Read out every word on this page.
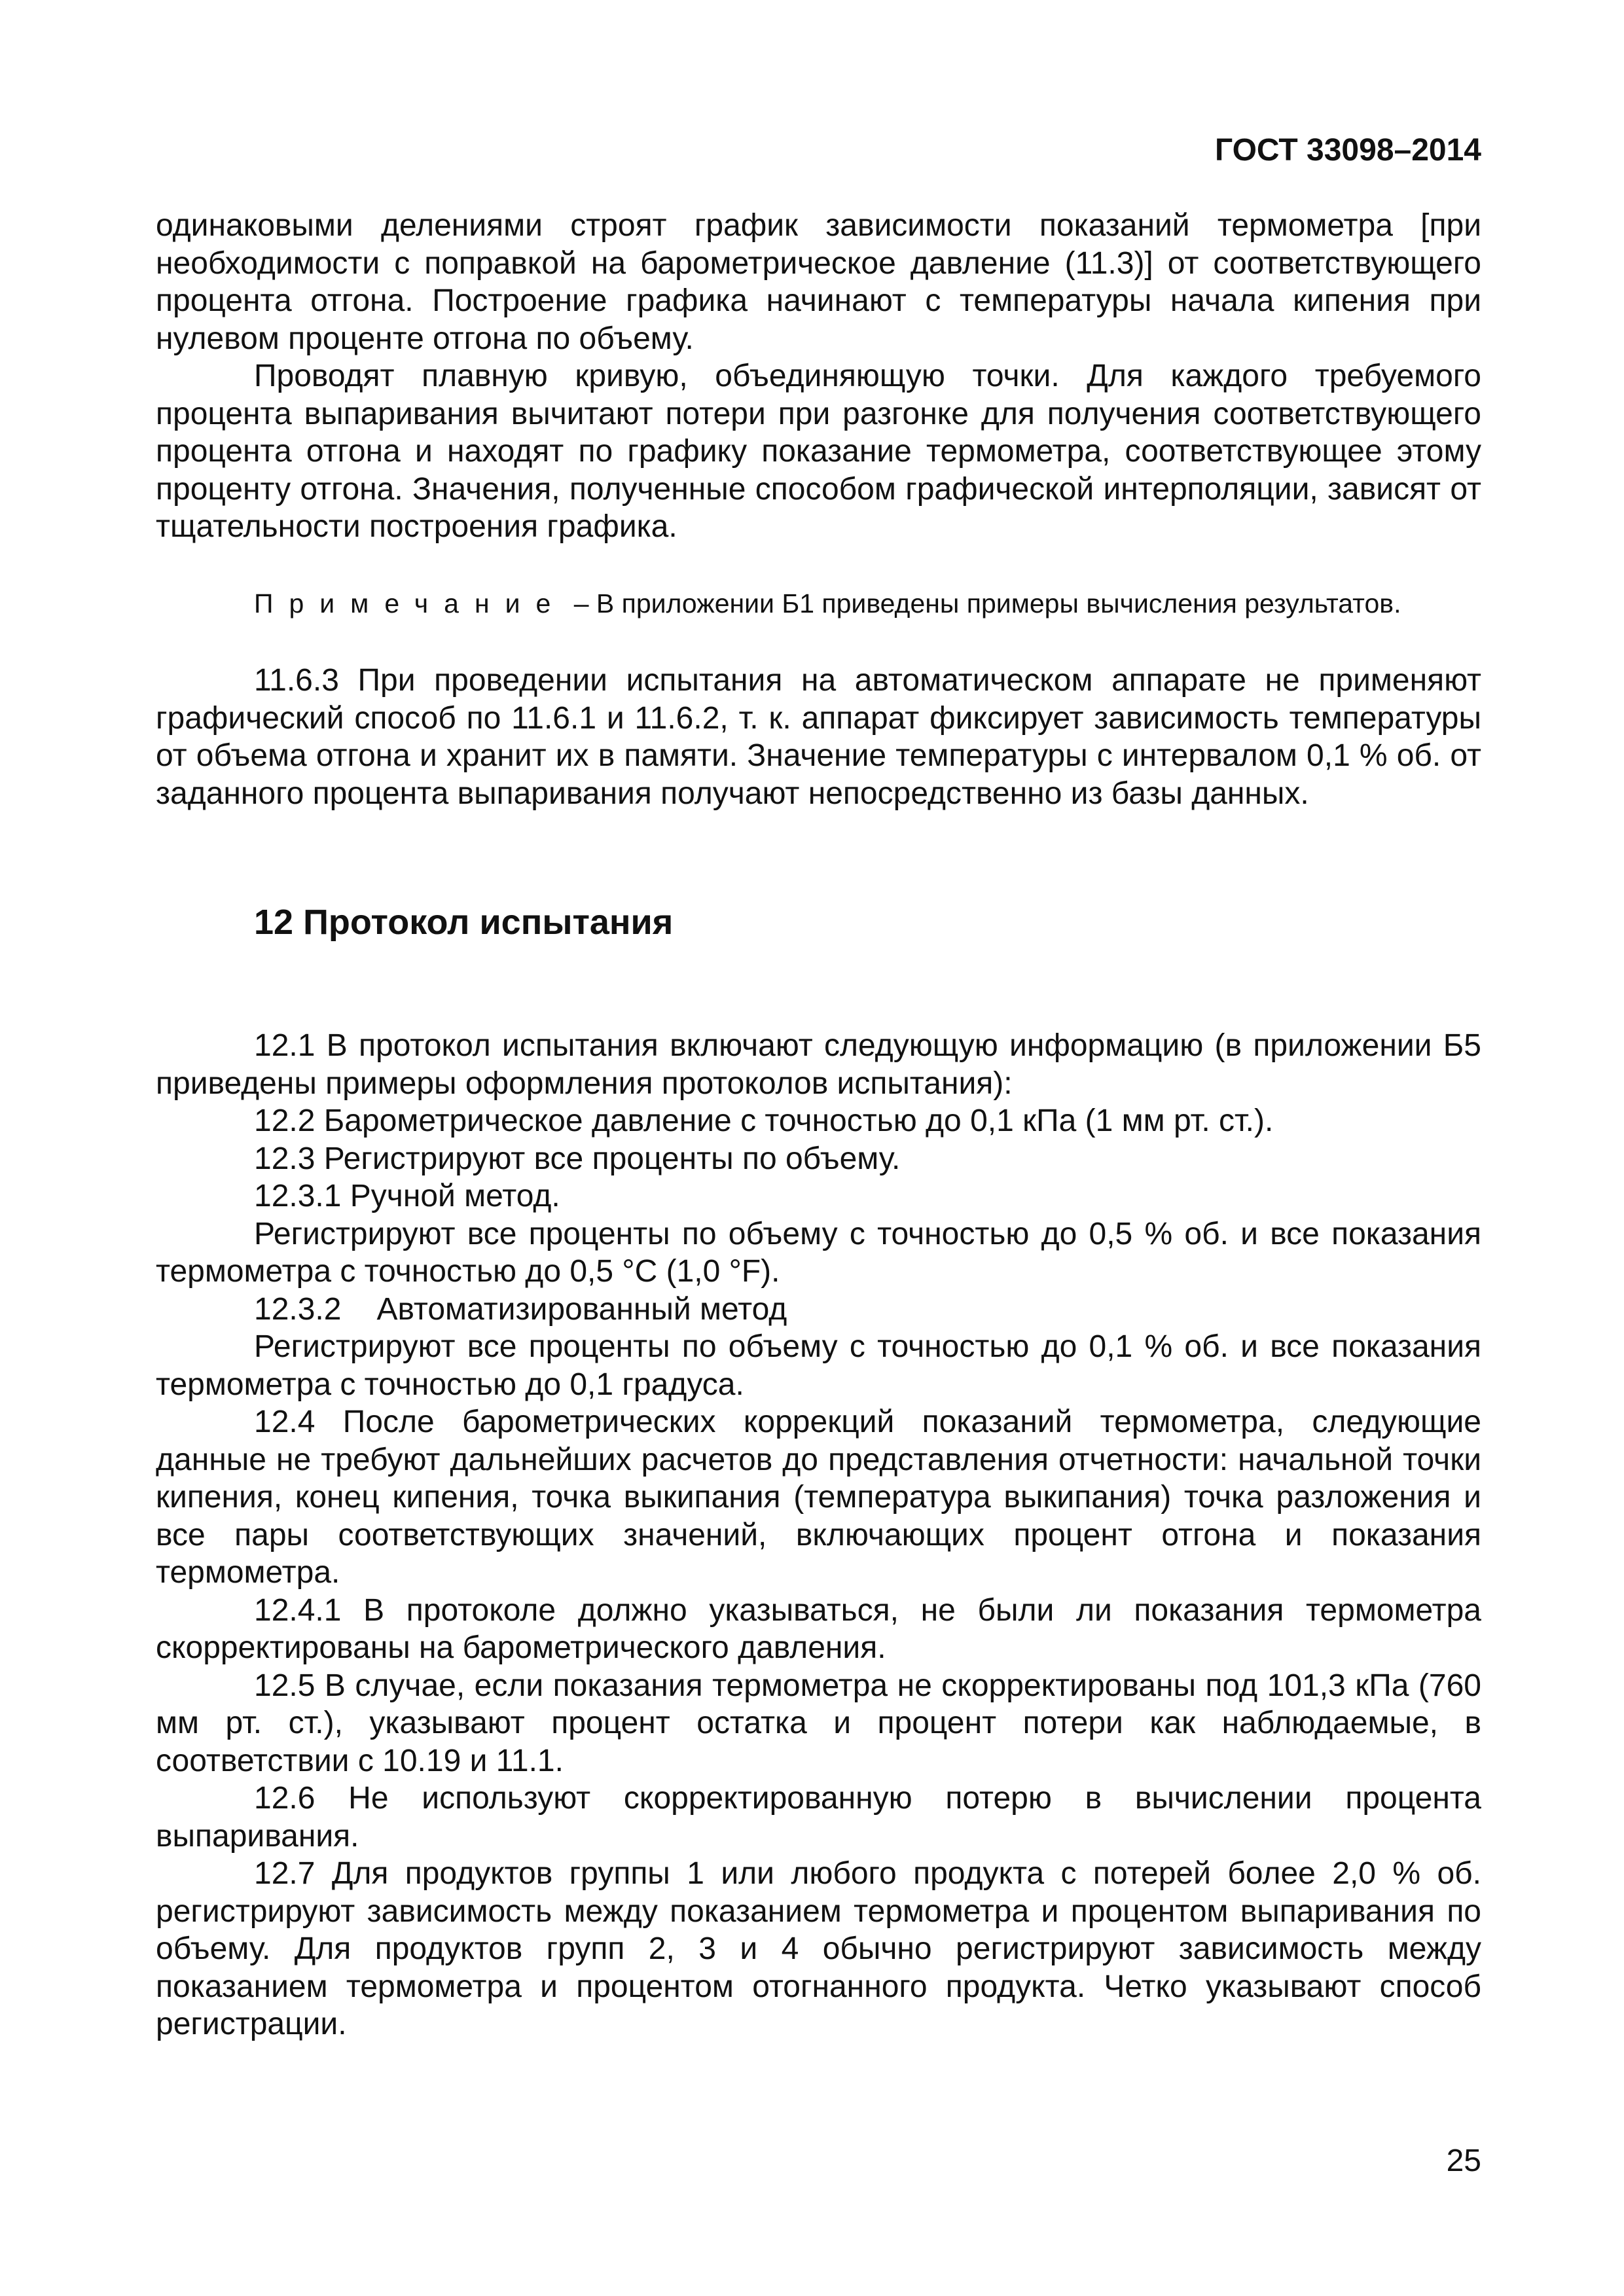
ГОСТ 33098–2014

одинаковыми делениями строят график зависимости показаний термометра [при необходимости с поправкой на барометрическое давление (11.3)] от соответствующего процента отгона. Построение графика начинают с температуры начала кипения при нулевом проценте отгона по объему.

Проводят плавную кривую, объединяющую точки. Для каждого требуемого процента выпаривания вычитают потери при разгонке для получения соответствующего процента отгона и находят по графику показание термометра, соответствующее этому проценту отгона. Значения, полученные способом графической интерполяции, зависят от тщательности построения графика.

Примечание – В приложении Б1 приведены примеры вычисления результатов.

11.6.3 При проведении испытания на автоматическом аппарате не применяют графический способ по 11.6.1 и 11.6.2, т. к. аппарат фиксирует зависимость температуры от объема отгона и хранит их в памяти. Значение температуры с интервалом 0,1 % об. от заданного процента выпаривания получают непосредственно из базы данных.

12 Протокол испытания

12.1 В протокол испытания включают следующую информацию (в приложении Б5 приведены примеры оформления протоколов испытания):

12.2 Барометрическое давление с точностью до 0,1 кПа (1 мм рт. ст.).

12.3 Регистрируют все проценты по объему.

12.3.1 Ручной метод.

Регистрируют все проценты по объему с точностью до 0,5 % об. и все показания термометра с точностью до 0,5 °С (1,0 °F).

12.3.2 Автоматизированный метод

Регистрируют все проценты по объему с точностью до 0,1 % об. и все показания термометра с точностью до 0,1 градуса.

12.4 После барометрических коррекций показаний термометра, следующие данные не требуют дальнейших расчетов до представления отчетности: начальной точки кипения, конец кипения, точка выкипания (температура выкипания) точка разложения и все пары соответствующих значений, включающих процент отгона и показания термометра.

12.4.1 В протоколе должно указываться, не были ли показания термометра скорректированы на барометрического давления.

12.5 В случае, если показания термометра не скорректированы под 101,3 кПа (760 мм рт. ст.), указывают процент остатка и процент потери как наблюдаемые, в соответствии с 10.19 и 11.1.

12.6 Не используют скорректированную потерю в вычислении процента выпаривания.

12.7 Для продуктов группы 1 или любого продукта с потерей более 2,0 % об. регистрируют зависимость между показанием термометра и процентом выпаривания по объему. Для продуктов групп 2, 3 и 4 обычно регистрируют зависимость между показанием термометра и процентом отогнанного продукта. Четко указывают способ регистрации.

25
